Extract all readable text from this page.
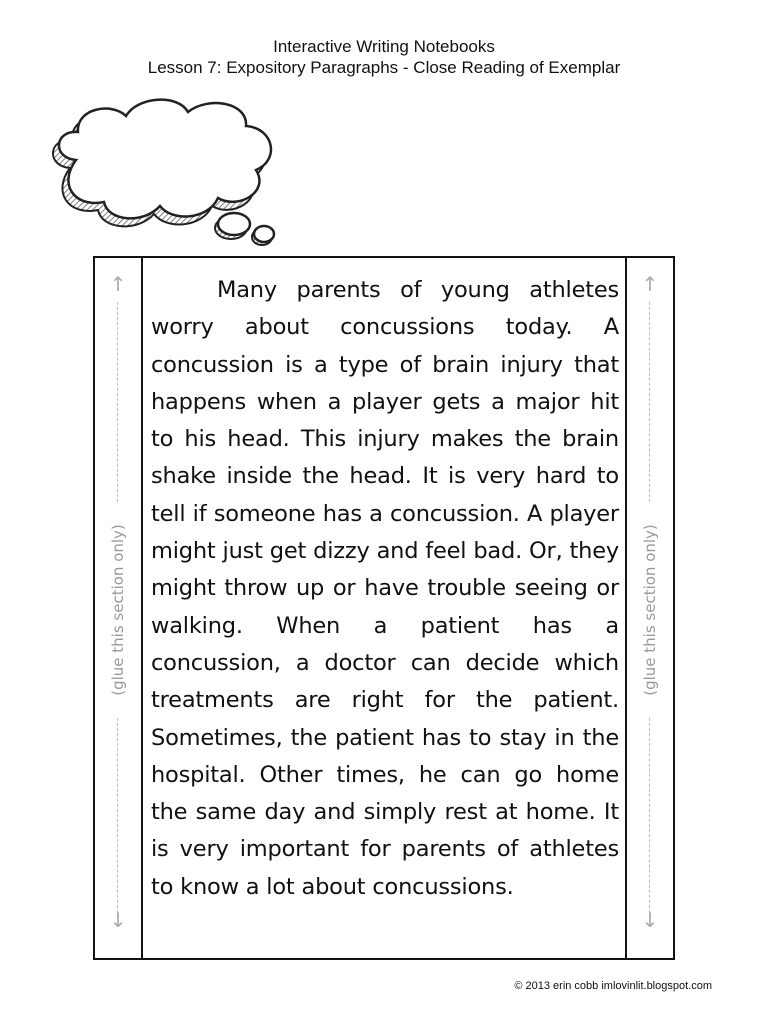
Interactive Writing Notebooks
Lesson 7: Expository Paragraphs - Close Reading of Exemplar
↑
(glue this section only)
↓
Many parents of young athletes worry about concussions today. A concussion is a type of brain injury that happens when a player gets a major hit to his head. This injury makes the brain shake inside the head. It is very hard to tell if someone has a concussion. A player might just get dizzy and feel bad. Or, they might throw up or have trouble seeing or walking. When a patient has a concussion, a doctor can decide which treatments are right for the patient. Sometimes, the patient has to stay in the hospital. Other times, he can go home the same day and simply rest at home. It is very important for parents of athletes to know a lot about concussions.
↑
(glue this section only)
↓
© 2013 erin cobb imlovinlit.blogspot.com
